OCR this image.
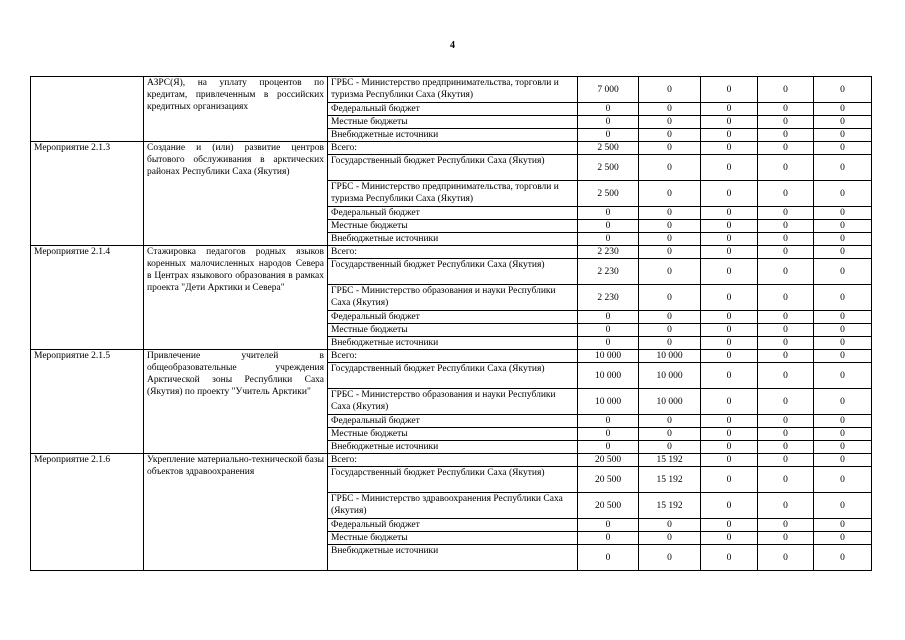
4
	АЗРС(Я), на уплату процентов по кредитам, привлеченным в российских кредитных организациях	ГРБС - Министерство предпринимательства, торговли и туризма Республики Саха (Якутия)	7 000	0	0	0	0
		Федеральный бюджет	0	0	0	0	0
		Местные бюджеты	0	0	0	0	0
		Внебюджетные источники	0	0	0	0	0
Мероприятие 2.1.3	Создание и (или) развитие центров бытового обслуживания в арктических районах Республики Саха (Якутия)	Всего:	2 500	0	0	0	0
		Государственный бюджет Республики Саха (Якутия)	2 500	0	0	0	0
		ГРБС - Министерство предпринимательства, торговли и туризма Республики Саха (Якутия)	2 500	0	0	0	0
		Федеральный бюджет	0	0	0	0	0
		Местные бюджеты	0	0	0	0	0
		Внебюджетные источники	0	0	0	0	0
Мероприятие 2.1.4	Стажировка педагогов родных языков коренных малочисленных народов Севера в Центрах языкового образования в рамках проекта "Дети Арктики и Севера"	Всего:	2 230	0	0	0	0
		Государственный бюджет Республики Саха (Якутия)	2 230	0	0	0	0
		ГРБС - Министерство образования и науки Республики Саха (Якутия)	2 230	0	0	0	0
		Федеральный бюджет	0	0	0	0	0
		Местные бюджеты	0	0	0	0	0
		Внебюджетные источники	0	0	0	0	0
Мероприятие 2.1.5	Привлечение учителей в общеобразовательные учреждения Арктической зоны Республики Саха (Якутия) по проекту "Учитель Арктики"	Всего:	10 000	10 000	0	0	0
		Государственный бюджет Республики Саха (Якутия)	10 000	10 000	0	0	0
		ГРБС - Министерство образования и науки Республики Саха (Якутия)	10 000	10 000	0	0	0
		Федеральный бюджет	0	0	0	0	0
		Местные бюджеты	0	0	0	0	0
		Внебюджетные источники	0	0	0	0	0
Мероприятие 2.1.6	Укрепление материально-технической базы объектов здравоохранения	Всего:	20 500	15 192	0	0	0
		Государственный бюджет Республики Саха (Якутия)	20 500	15 192	0	0	0
		ГРБС - Министерство здравоохранения Республики Саха (Якутия)	20 500	15 192	0	0	0
		Федеральный бюджет	0	0	0	0	0
		Местные бюджеты	0	0	0	0	0
		Внебюджетные источники	0	0	0	0	0
